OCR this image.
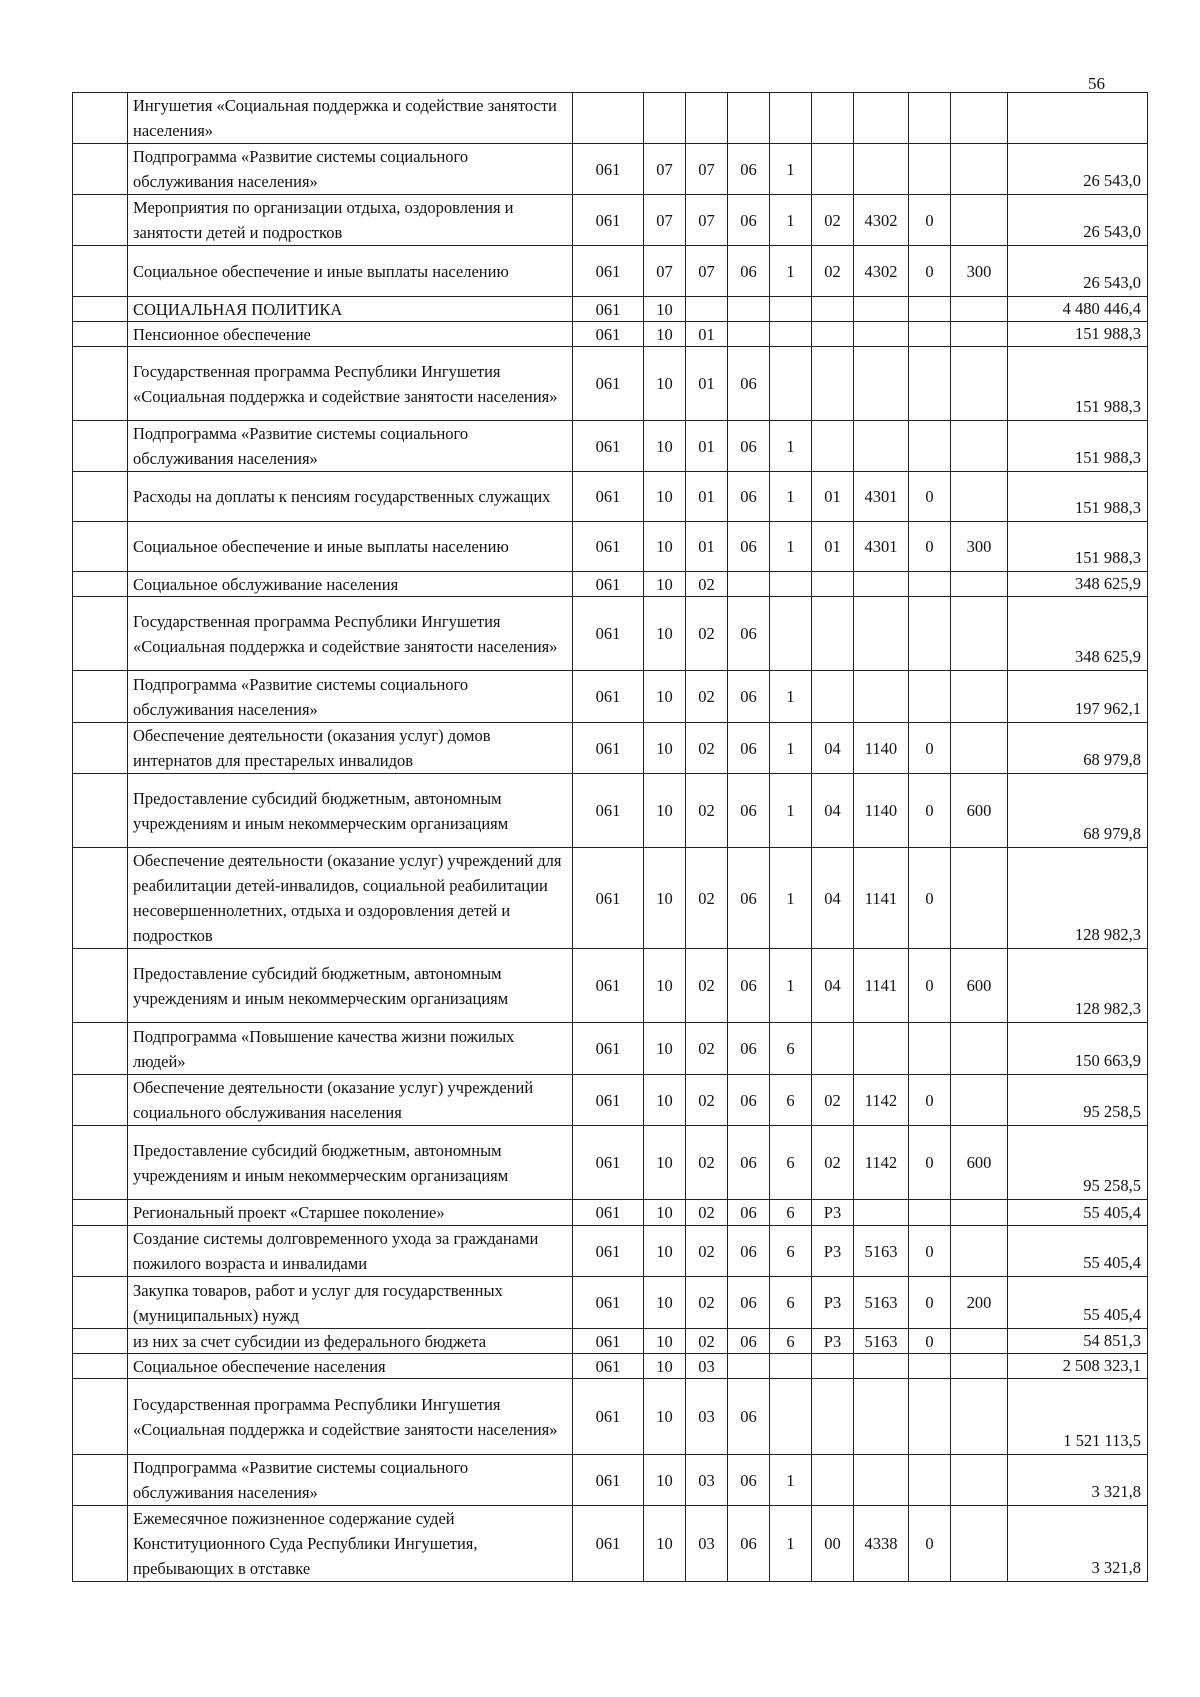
56
	Ингушетия «Социальная поддержка и содействие занятости населения»										
	Подпрограмма «Развитие системы социального обслуживания населения»	061	07	07	06	1					26 543,0
	Мероприятия по организации отдыха, оздоровления и занятости детей и подростков	061	07	07	06	1	02	4302	0		26 543,0
	Социальное обеспечение и иные выплаты населению	061	07	07	06	1	02	4302	0	300	26 543,0
	СОЦИАЛЬНАЯ ПОЛИТИКА	061	10								4 480 446,4
	Пенсионное обеспечение	061	10	01							151 988,3
	Государственная программа Республики Ингушетия «Социальная поддержка и содействие занятости населения»	061	10	01	06						151 988,3
	Подпрограмма «Развитие системы социального обслуживания населения»	061	10	01	06	1					151 988,3
	Расходы на доплаты к пенсиям государственных служащих	061	10	01	06	1	01	4301	0		151 988,3
	Социальное обеспечение и иные выплаты населению	061	10	01	06	1	01	4301	0	300	151 988,3
	Социальное обслуживание населения	061	10	02							348 625,9
	Государственная программа Республики Ингушетия «Социальная поддержка и содействие занятости населения»	061	10	02	06						348 625,9
	Подпрограмма «Развитие системы социального обслуживания населения»	061	10	02	06	1					197 962,1
	Обеспечение деятельности (оказания услуг) домов интернатов для престарелых инвалидов	061	10	02	06	1	04	1140	0		68 979,8
	Предоставление субсидий бюджетным, автономным учреждениям и иным некоммерческим организациям	061	10	02	06	1	04	1140	0	600	68 979,8
	Обеспечение деятельности (оказание услуг) учреждений для реабилитации детей-инвалидов, социальной реабилитации несовершеннолетних, отдыха и оздоровления детей и подростков	061	10	02	06	1	04	1141	0		128 982,3
	Предоставление субсидий бюджетным, автономным учреждениям и иным некоммерческим организациям	061	10	02	06	1	04	1141	0	600	128 982,3
	Подпрограмма «Повышение качества жизни пожилых людей»	061	10	02	06	6					150 663,9
	Обеспечение деятельности (оказание услуг) учреждений социального обслуживания населения	061	10	02	06	6	02	1142	0		95 258,5
	Предоставление субсидий бюджетным, автономным учреждениям и иным некоммерческим организациям	061	10	02	06	6	02	1142	0	600	95 258,5
	Региональный проект «Старшее поколение»	061	10	02	06	6	Р3				55 405,4
	Создание системы долговременного ухода за гражданами пожилого возраста и инвалидами	061	10	02	06	6	Р3	5163	0		55 405,4
	Закупка товаров, работ и услуг для государственных (муниципальных) нужд	061	10	02	06	6	Р3	5163	0	200	55 405,4
	из них за счет субсидии из федерального бюджета	061	10	02	06	6	Р3	5163	0		54 851,3
	Социальное обеспечение населения	061	10	03							2 508 323,1
	Государственная программа Республики Ингушетия «Социальная поддержка и содействие занятости населения»	061	10	03	06						1 521 113,5
	Подпрограмма «Развитие системы социального обслуживания населения»	061	10	03	06	1					3 321,8
	Ежемесячное пожизненное содержание судей Конституционного Суда Республики Ингушетия, пребывающих в отставке	061	10	03	06	1	00	4338	0		3 321,8
